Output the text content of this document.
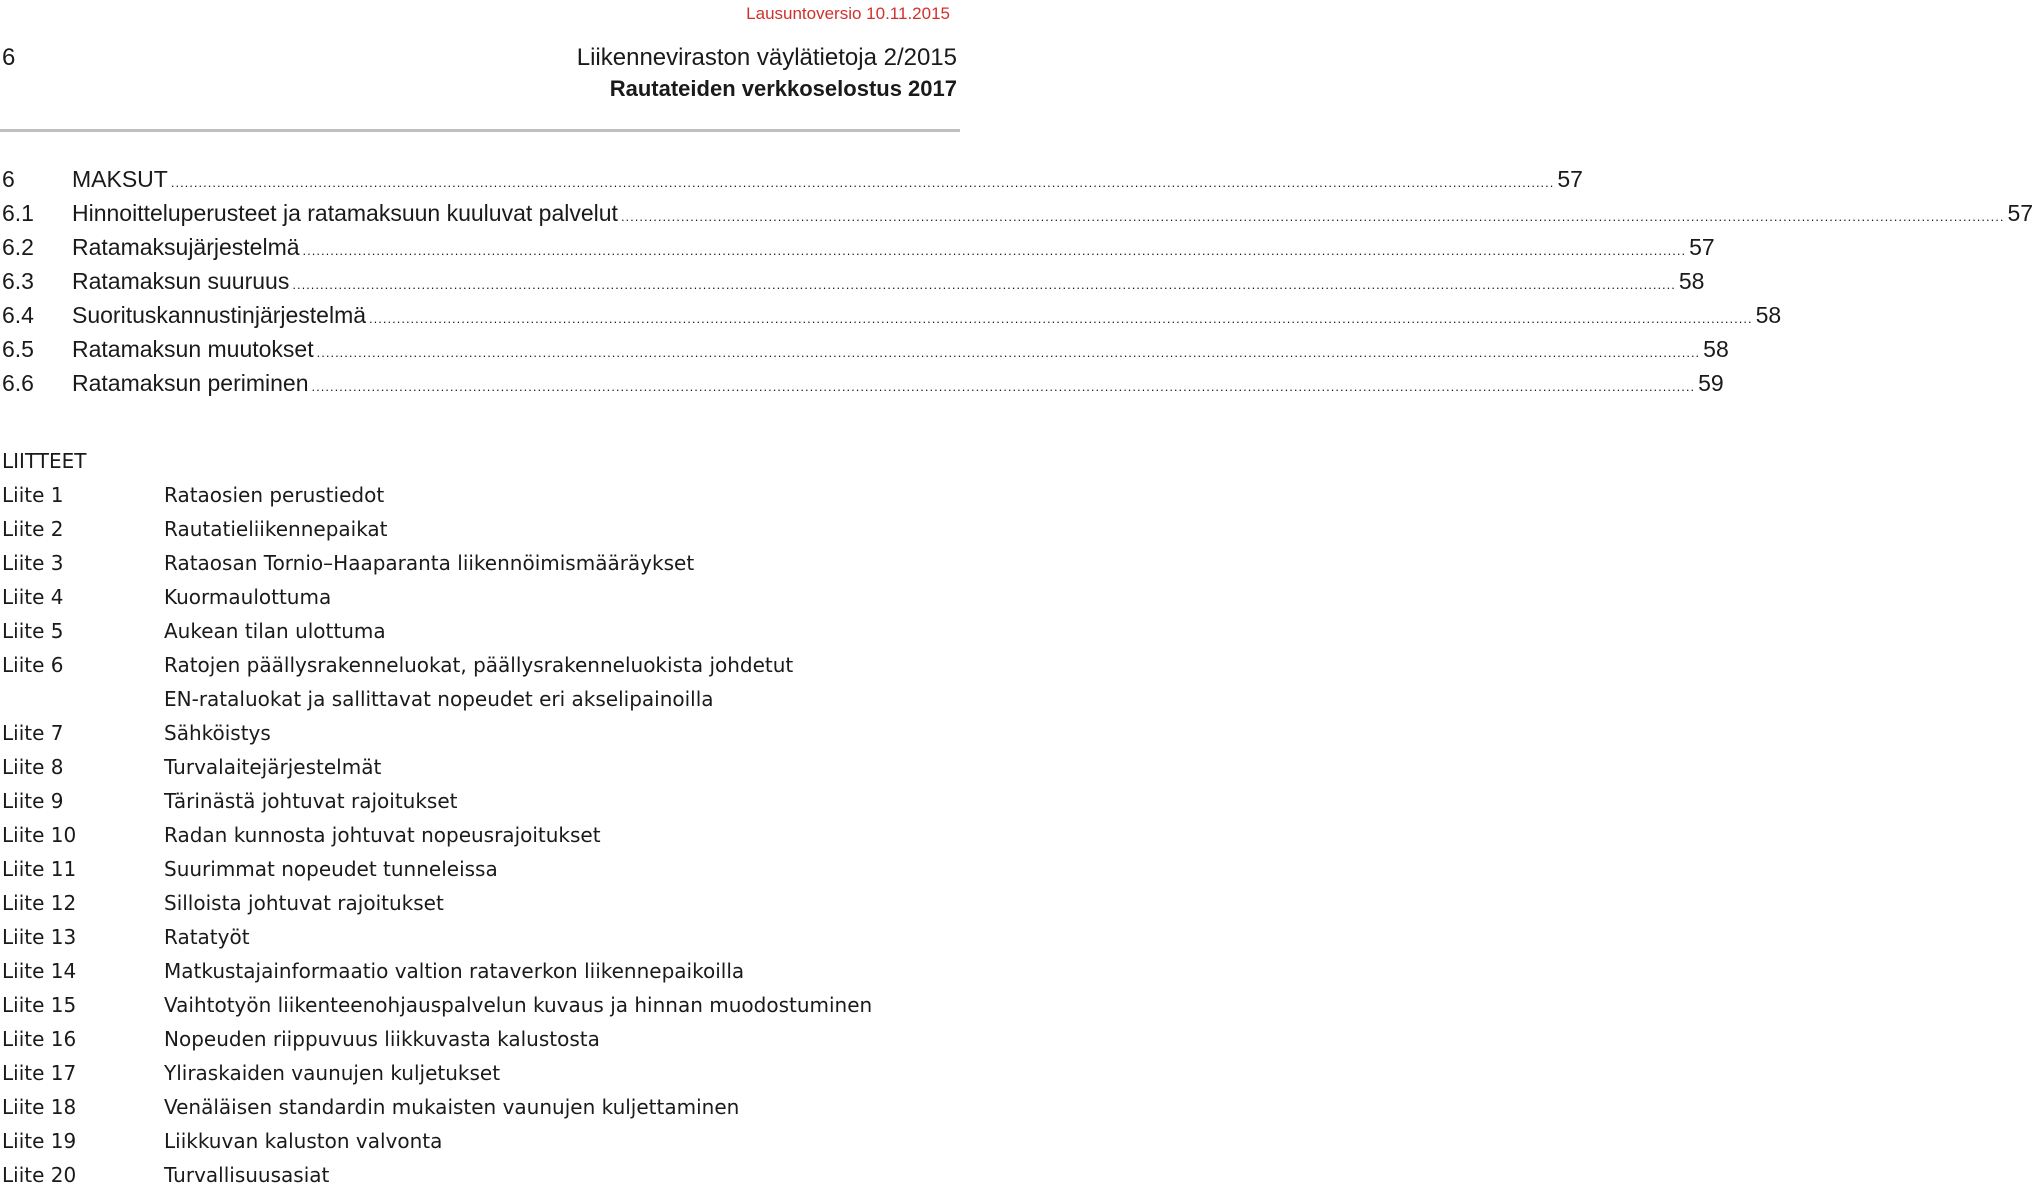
Lausuntoversio 10.11.2015
6	Liikenneviraston väylätietoja 2/2015
Rautateiden verkkoselostus 2017
6	MAKSUT ............................................................................................................................................................................................................................................................................................................ 57
6.1	Hinnoitteluperusteet ja ratamaksuun kuuluvat palvelut ............................................................................................................................................................................................................................................................................................................ 57
6.2	Ratamaksujärjestelmä ............................................................................................................................................................................................................................................................................................................ 57
6.3	Ratamaksun suuruus ............................................................................................................................................................................................................................................................................................................ 58
6.4	Suorituskannustinjärjestelmä ............................................................................................................................................................................................................................................................................................................ 58
6.5	Ratamaksun muutokset ............................................................................................................................................................................................................................................................................................................ 58
6.6	Ratamaksun periminen ............................................................................................................................................................................................................................................................................................................ 59
LIITTEET
Liite 1	Rataosien perustiedot
Liite 2	Rautatieliikennepaikat
Liite 3	Rataosan Tornio–Haaparanta liikennöimismääräykset
Liite 4	Kuormaulottuma
Liite 5	Aukean tilan ulottuma
Liite 6	Ratojen päällysrakenneluokat, päällysrakenneluokista johdetut
EN-rataluokat ja sallittavat nopeudet eri akselipainoilla
Liite 7	Sähköistys
Liite 8	Turvalaitejärjestelmät
Liite 9	Tärinästä johtuvat rajoitukset
Liite 10	Radan kunnosta johtuvat nopeusrajoitukset
Liite 11	Suurimmat nopeudet tunneleissa
Liite 12	Silloista johtuvat rajoitukset
Liite 13	Ratatyöt
Liite 14	Matkustajainformaatio valtion rataverkon liikennepaikoilla
Liite 15	Vaihtotyön liikenteenohjauspalvelun kuvaus ja hinnan muodostuminen
Liite 16	Nopeuden riippuvuus liikkuvasta kalustosta
Liite 17	Yliraskaiden vaunujen kuljetukset
Liite 18	Venäläisen standardin mukaisten vaunujen kuljettaminen
Liite 19	Liikkuvan kaluston valvonta
Liite 20	Turvallisuusasiat
